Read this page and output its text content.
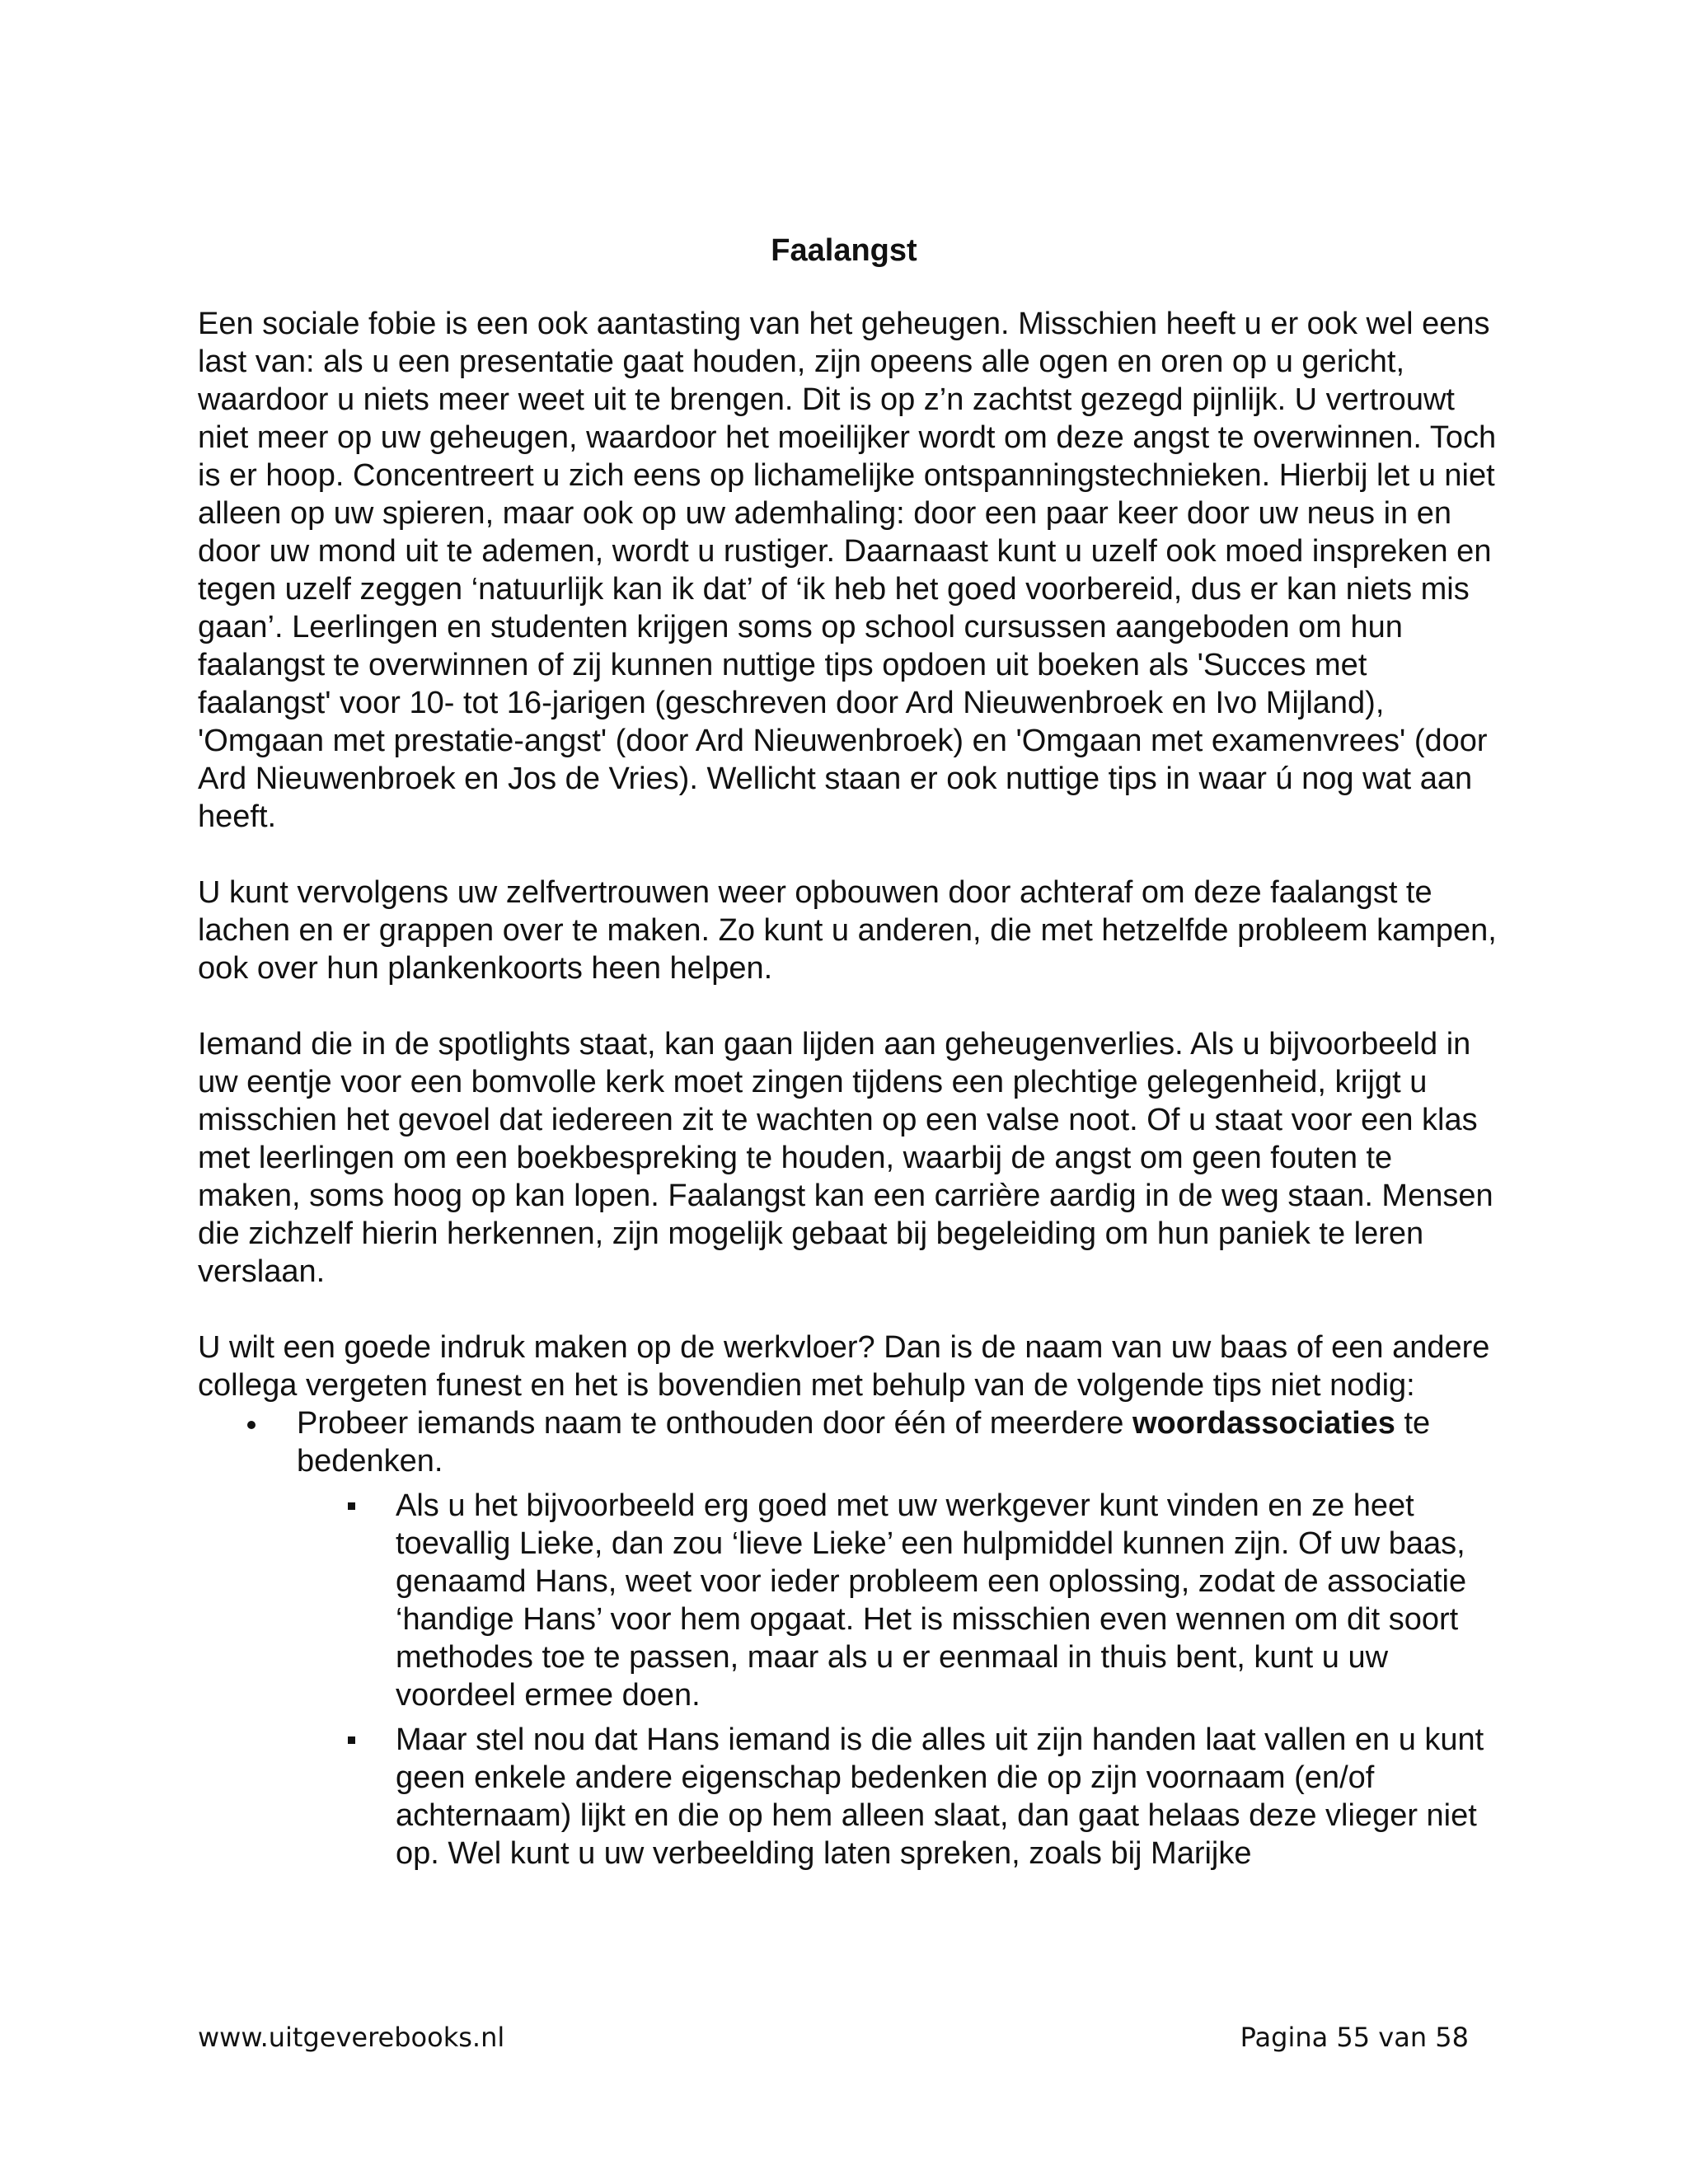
Faalangst

Een sociale fobie is een ook aantasting van het geheugen. Misschien heeft u er ook wel eens last van: als u een presentatie gaat houden, zijn opeens alle ogen en oren op u gericht, waardoor u niets meer weet uit te brengen. Dit is op z’n zachtst gezegd pijnlijk. U vertrouwt niet meer op uw geheugen, waardoor het moeilijker wordt om deze angst te overwinnen. Toch is er hoop. Concentreert u zich eens op lichamelijke ontspanningstechnieken. Hierbij let u niet alleen op uw spieren, maar ook op uw ademhaling: door een paar keer door uw neus in en door uw mond uit te ademen, wordt u rustiger. Daarnaast kunt u uzelf ook moed inspreken en tegen uzelf zeggen ‘natuurlijk kan ik dat’ of ‘ik heb het goed voorbereid, dus er kan niets mis gaan’. Leerlingen en studenten krijgen soms op school cursussen aangeboden om hun faalangst te overwinnen of zij kunnen nuttige tips opdoen uit boeken als 'Succes met faalangst' voor 10- tot 16-jarigen (geschreven door Ard Nieuwenbroek en Ivo Mijland), 'Omgaan met prestatie-angst' (door Ard Nieuwenbroek) en 'Omgaan met examenvrees' (door Ard Nieuwenbroek en Jos de Vries). Wellicht staan er ook nuttige tips in waar ú nog wat aan heeft.

U kunt vervolgens uw zelfvertrouwen weer opbouwen door achteraf om deze faalangst te lachen en er grappen over te maken. Zo kunt u anderen, die met hetzelfde probleem kampen, ook over hun plankenkoorts heen helpen.

Iemand die in de spotlights staat, kan gaan lijden aan geheugenverlies. Als u bijvoorbeeld in uw eentje voor een bomvolle kerk moet zingen tijdens een plechtige gelegenheid, krijgt u misschien het gevoel dat iedereen zit te wachten op een valse noot. Of u staat voor een klas met leerlingen om een boekbespreking te houden, waarbij de angst om geen fouten te maken, soms hoog op kan lopen. Faalangst kan een carrière aardig in de weg staan. Mensen die zichzelf hierin herkennen, zijn mogelijk gebaat bij begeleiding om hun paniek te leren verslaan.

U wilt een goede indruk maken op de werkvloer? Dan is de naam van uw baas of een andere collega vergeten funest en het is bovendien met behulp van de volgende tips niet nodig:

Probeer iemands naam te onthouden door één of meerdere woordassociaties te bedenken.
Als u het bijvoorbeeld erg goed met uw werkgever kunt vinden en ze heet toevallig Lieke, dan zou ‘lieve Lieke’ een hulpmiddel kunnen zijn. Of uw baas, genaamd Hans, weet voor ieder probleem een oplossing, zodat de associatie ‘handige Hans’ voor hem opgaat. Het is misschien even wennen om dit soort methodes toe te passen, maar als u er eenmaal in thuis bent, kunt u uw voordeel ermee doen.
Maar stel nou dat Hans iemand is die alles uit zijn handen laat vallen en u kunt geen enkele andere eigenschap bedenken die op zijn voornaam (en/of achternaam) lijkt en die op hem alleen slaat, dan gaat helaas deze vlieger niet op. Wel kunt u uw verbeelding laten spreken, zoals bij Marijke
www.uitgeverebooks.nl	Pagina 55 van 58
